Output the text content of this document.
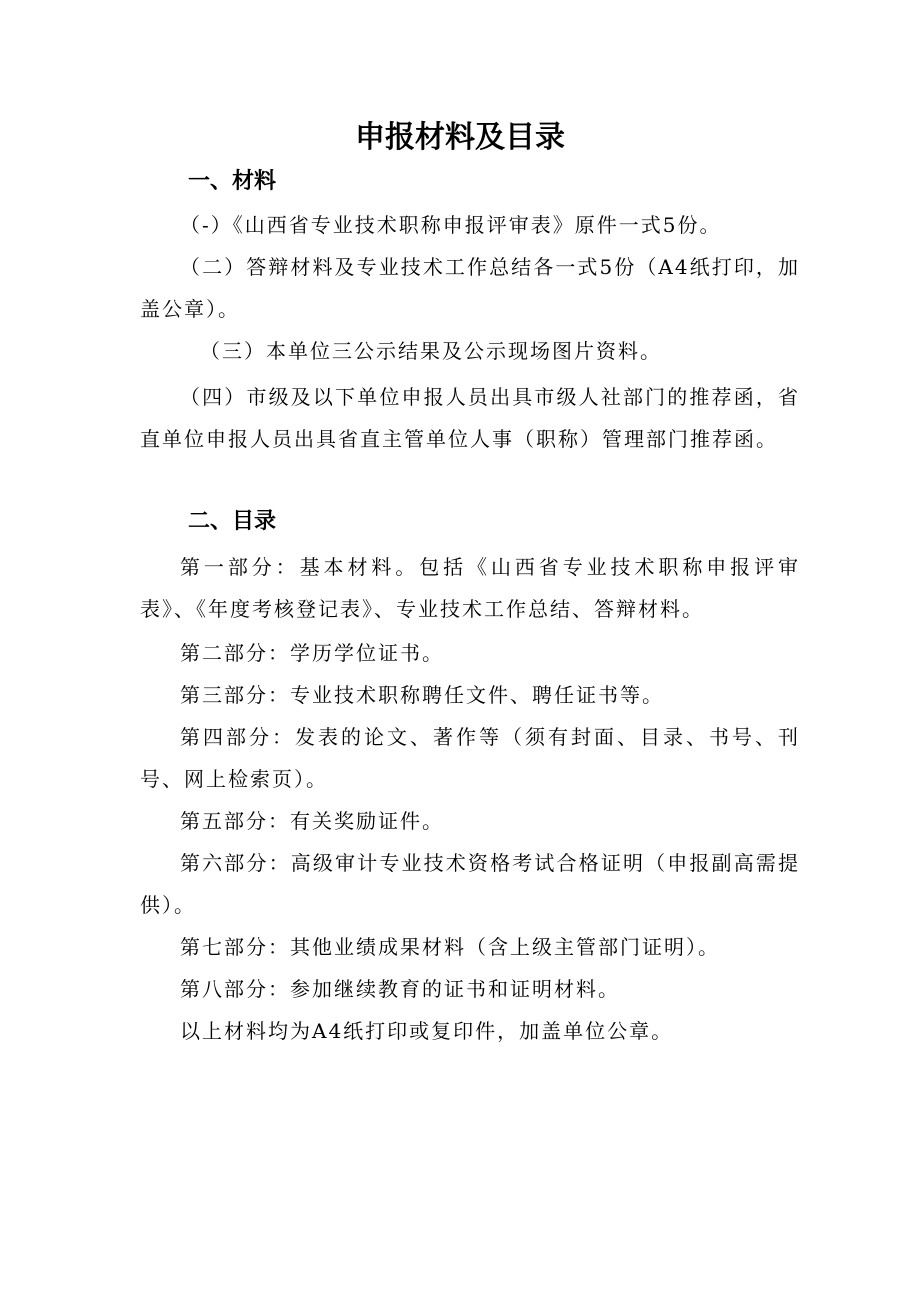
申报材料及目录
一、材料

（-）《山西省专业技术职称申报评审表》原件一式5份。

（二）答辩材料及专业技术工作总结各一式5份（A4纸打印，加盖公章）。

（三）本单位三公示结果及公示现场图片资料。

（四）市级及以下单位申报人员出具市级人社部门的推荐函，省直单位申报人员出具省直主管单位人事（职称）管理部门推荐函。

二、目录

第一部分：基本材料。包括《山西省专业技术职称申报评审表》、《年度考核登记表》、专业技术工作总结、答辩材料。

第二部分：学历学位证书。

第三部分：专业技术职称聘任文件、聘任证书等。

第四部分：发表的论文、著作等（须有封面、目录、书号、刊号、网上检索页）。

第五部分：有关奖励证件。

第六部分：高级审计专业技术资格考试合格证明（申报副高需提供）。

第七部分：其他业绩成果材料（含上级主管部门证明）。

第八部分：参加继续教育的证书和证明材料。

以上材料均为A4纸打印或复印件，加盖单位公章。
